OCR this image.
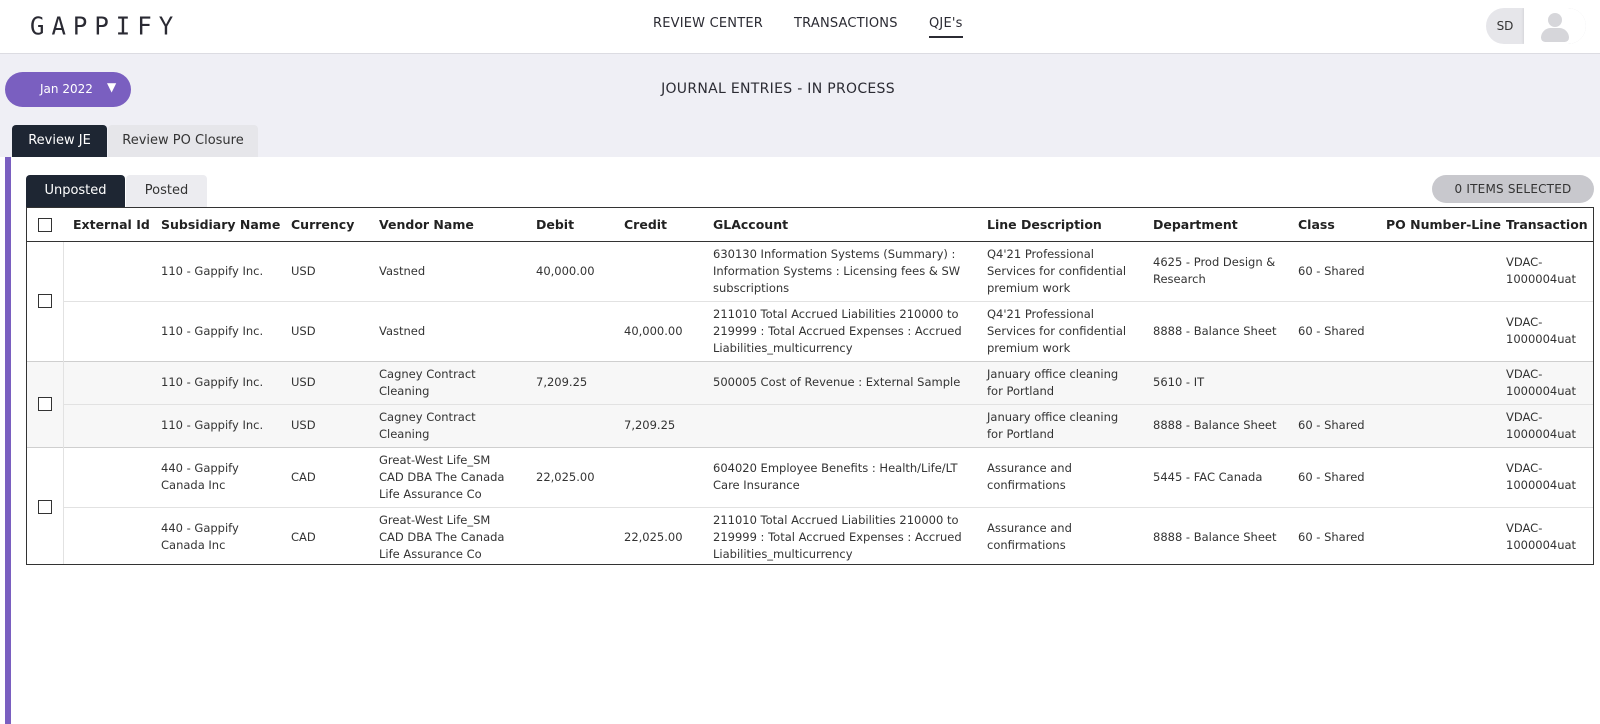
GAPPIFY	REVIEW CENTER TRANSACTIONS QJE's	SD
Jan 2022 ▼	JOURNAL ENTRIES - IN PROCESS
Review JE	Review PO Closure
Unposted	Posted	0 ITEMS SELECTED
	External Id	Subsidiary Name	Currency	Vendor Name	Debit	Credit	GLAccount	Line Description	Department	Class	PO Number-Line	Transaction
		110 - Gappify Inc.	USD	Vastned	40,000.00		630130 Information Systems (Summary) : Information Systems : Licensing fees & SW subscriptions	Q4'21 Professional Services for confidential premium work	4625 - Prod Design & Research	60 - Shared		VDAC-1000004uat
		110 - Gappify Inc.	USD	Vastned		40,000.00	211010 Total Accrued Liabilities 210000 to 219999 : Total Accrued Expenses : Accrued Liabilities_multicurrency	Q4'21 Professional Services for confidential premium work	8888 - Balance Sheet	60 - Shared		VDAC-1000004uat
		110 - Gappify Inc.	USD	Cagney Contract Cleaning	7,209.25		500005 Cost of Revenue : External Sample	January office cleaning for Portland	5610 - IT			VDAC-1000004uat
		110 - Gappify Inc.	USD	Cagney Contract Cleaning		7,209.25		January office cleaning for Portland	8888 - Balance Sheet	60 - Shared		VDAC-1000004uat
		440 - Gappify Canada Inc	CAD	Great-West Life_SM CAD DBA The Canada Life Assurance Co	22,025.00		604020 Employee Benefits : Health/Life/LT Care Insurance	Assurance and confirmations	5445 - FAC Canada	60 - Shared		VDAC-1000004uat
		440 - Gappify Canada Inc	CAD	Great-West Life_SM CAD DBA The Canada Life Assurance Co		22,025.00	211010 Total Accrued Liabilities 210000 to 219999 : Total Accrued Expenses : Accrued Liabilities_multicurrency	Assurance and confirmations	8888 - Balance Sheet	60 - Shared		VDAC-1000004uat
